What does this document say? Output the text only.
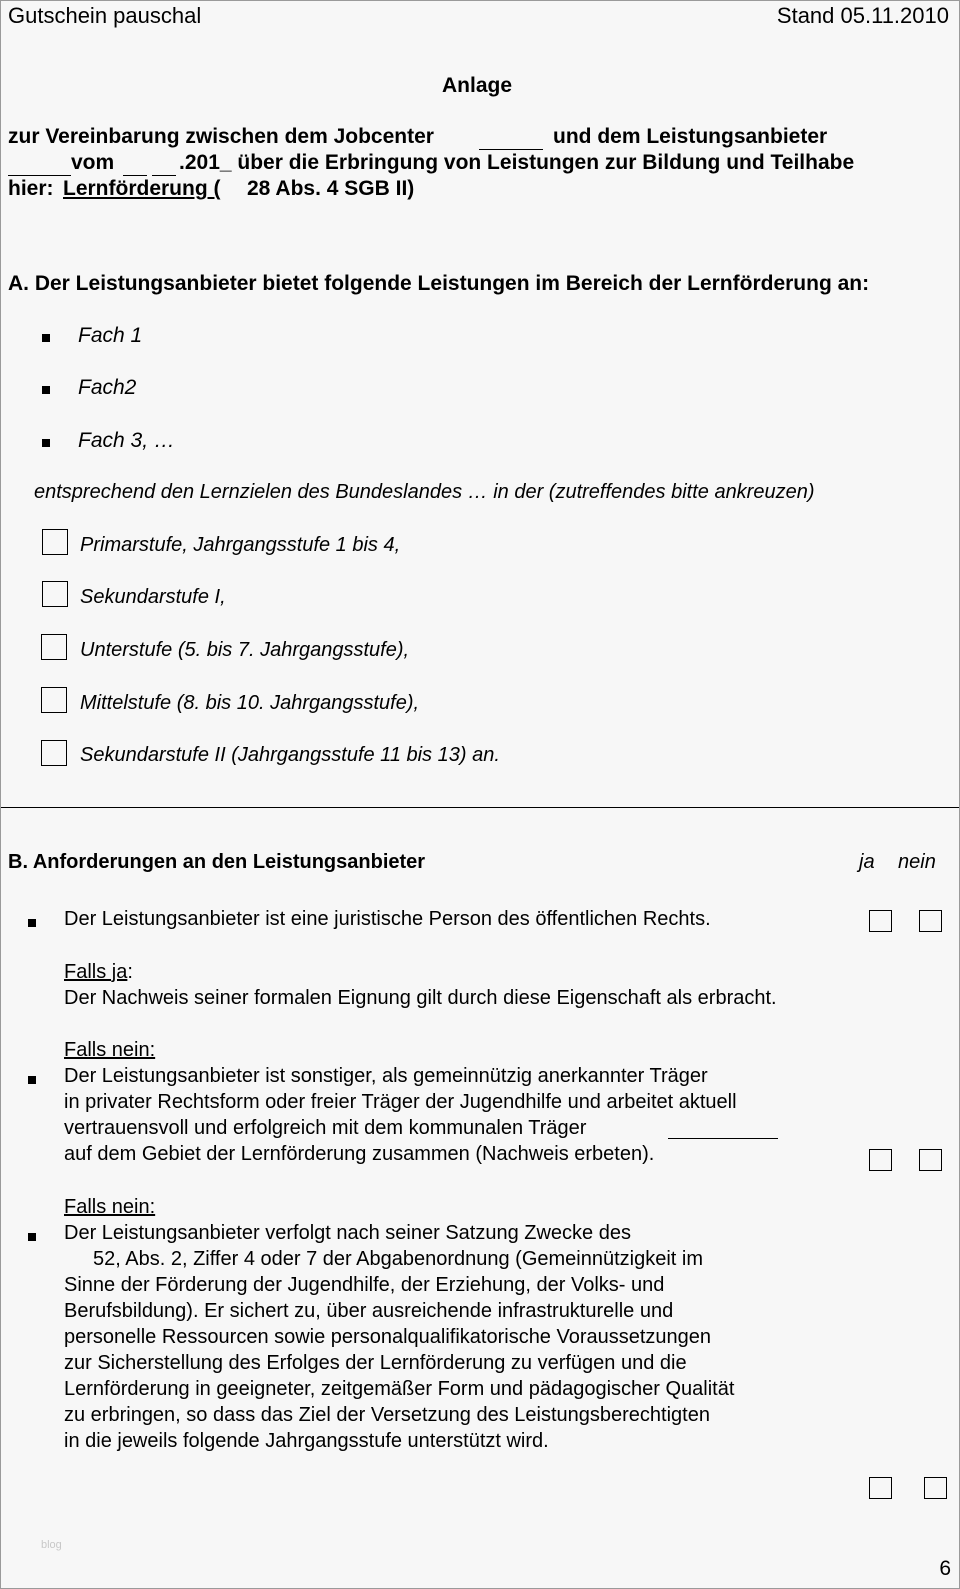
Gutschein pauschal	Stand 05.11.2010
Anlage
zur Vereinbarung zwischen dem Jobcenter	und dem Leistungsanbieter
vom	.201_ über die Erbringung von Leistungen zur Bildung und Teilhabe
hier: Lernförderung ( 28 Abs. 4 SGB II)
A. Der Leistungsanbieter bietet folgende Leistungen im Bereich der Lernförderung an:
Fach 1
Fach2
Fach 3, …
entsprechend den Lernzielen des Bundeslandes … in der (zutreffendes bitte ankreuzen)
Primarstufe, Jahrgangsstufe 1 bis 4,
Sekundarstufe I,
Unterstufe (5. bis 7. Jahrgangsstufe),
Mittelstufe (8. bis 10. Jahrgangsstufe),
Sekundarstufe II (Jahrgangsstufe 11 bis 13) an.
B. Anforderungen an den Leistungsanbieter	ja nein
Der Leistungsanbieter ist eine juristische Person des öffentlichen Rechts.
Falls ja:
Der Nachweis seiner formalen Eignung gilt durch diese Eigenschaft als erbracht.
Falls nein:
Der Leistungsanbieter ist sonstiger, als gemeinnützig anerkannter Träger
in privater Rechtsform oder freier Träger der Jugendhilfe und arbeitet aktuell
vertrauensvoll und erfolgreich mit dem kommunalen Träger
auf dem Gebiet der Lernförderung zusammen (Nachweis erbeten).
Falls nein:
Der Leistungsanbieter verfolgt nach seiner Satzung Zwecke des
52, Abs. 2, Ziffer 4 oder 7 der Abgabenordnung (Gemeinnützigkeit im
Sinne der Förderung der Jugendhilfe, der Erziehung, der Volks- und
Berufsbildung). Er sichert zu, über ausreichende infrastrukturelle und
personelle Ressourcen sowie personalqualifikatorische Voraussetzungen
zur Sicherstellung des Erfolges der Lernförderung zu verfügen und die
Lernförderung in geeigneter, zeitgemäßer Form und pädagogischer Qualität
zu erbringen, so dass das Ziel der Versetzung des Leistungsberechtigten
in die jeweils folgende Jahrgangsstufe unterstützt wird.
blog
6
